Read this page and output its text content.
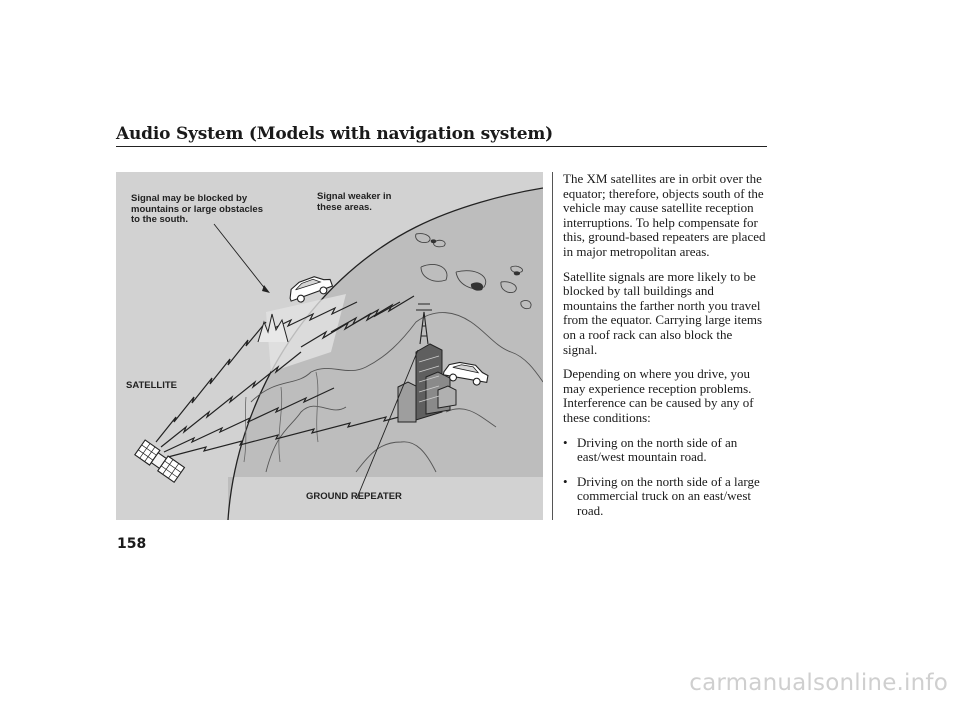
Audio System (Models with navigation system)
Signal may be blocked by
mountains or large obstacles
to the south.
Signal weaker in
these areas.
SATELLITE
GROUND REPEATER

The XM satellites are in orbit over the equator; therefore, objects south of the vehicle may cause satellite reception interruptions. To help compensate for this, ground-based repeaters are placed in major metropolitan areas.

Satellite signals are more likely to be blocked by tall buildings and mountains the farther north you travel from the equator. Carrying large items on a roof rack can also block the signal.

Depending on where you drive, you may experience reception problems. Interference can be caused by any of these conditions:

• Driving on the north side of an east/west mountain road.
• Driving on the north side of a large commercial truck on an east/west road.
158
carmanualsonline.info
